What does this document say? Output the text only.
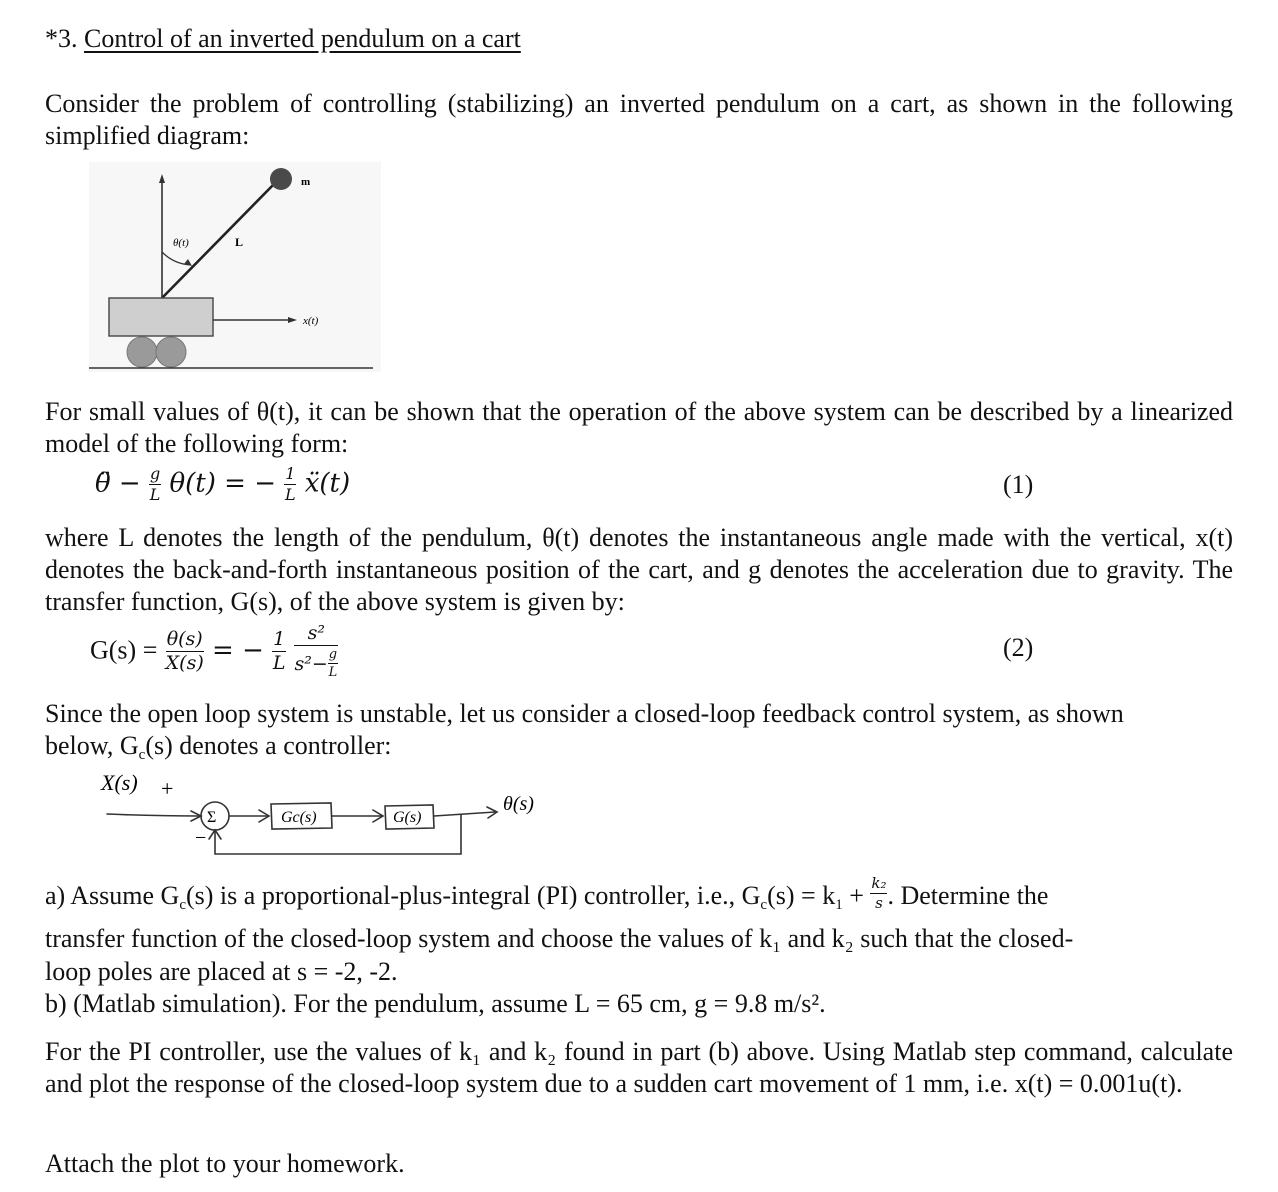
*3. Control of an inverted pendulum on a cart
Consider the problem of controlling (stabilizing) an inverted pendulum on a cart, as shown in the following simplified diagram:
m
θ(t)	L
x(t)
For small values of θ(t), it can be shown that the operation of the above system can be described by a linearized model of the following form:
θ̈ − $\frac{g}{L} \theta(t)$ = − $\frac{1}{L}$ ẍ(t)	(1)
where L denotes the length of the pendulum, θ(t) denotes the instantaneous angle made with the vertical, x(t) denotes the back-and-forth instantaneous position of the cart, and g denotes the acceleration due to gravity. The transfer function, G(s), of the above system is given by:
$G(s) = \frac{\theta(s)}{X(s)}$ = − $\frac{1}{L}$
$\frac{\text{s²}}{s^2- \frac{g}{L}}$	(2)
Since the open loop system is unstable, let us consider a closed-loop feedback control system, as shown
below, $G_c(s)$ denotes a controller:
X(s) +
−
Σ	Gc(s)	G(s)
θ(s)
a) Assume $G_c(s)$ is a proportional-plus-integral (PI) controller, i.e., $G_c(s) = k_1 + \frac{\text{k₂}}{s}$ . Determine the
transfer function of the closed-loop system and choose the values of k₁ and k₂ such that the closed-
loop poles are placed at s = -2, -2.
b) (Matlab simulation). For the pendulum, assume L = 65 cm, g = 9.8 m/s².
For the PI controller, use the values of k₁ and k₂ found in part (b) above. Using Matlab step command, calculate and plot the response of the closed-loop system due to a sudden cart movement of 1 mm, i.e. x(t) = 0.001u(t).
Attach the plot to your homework.
